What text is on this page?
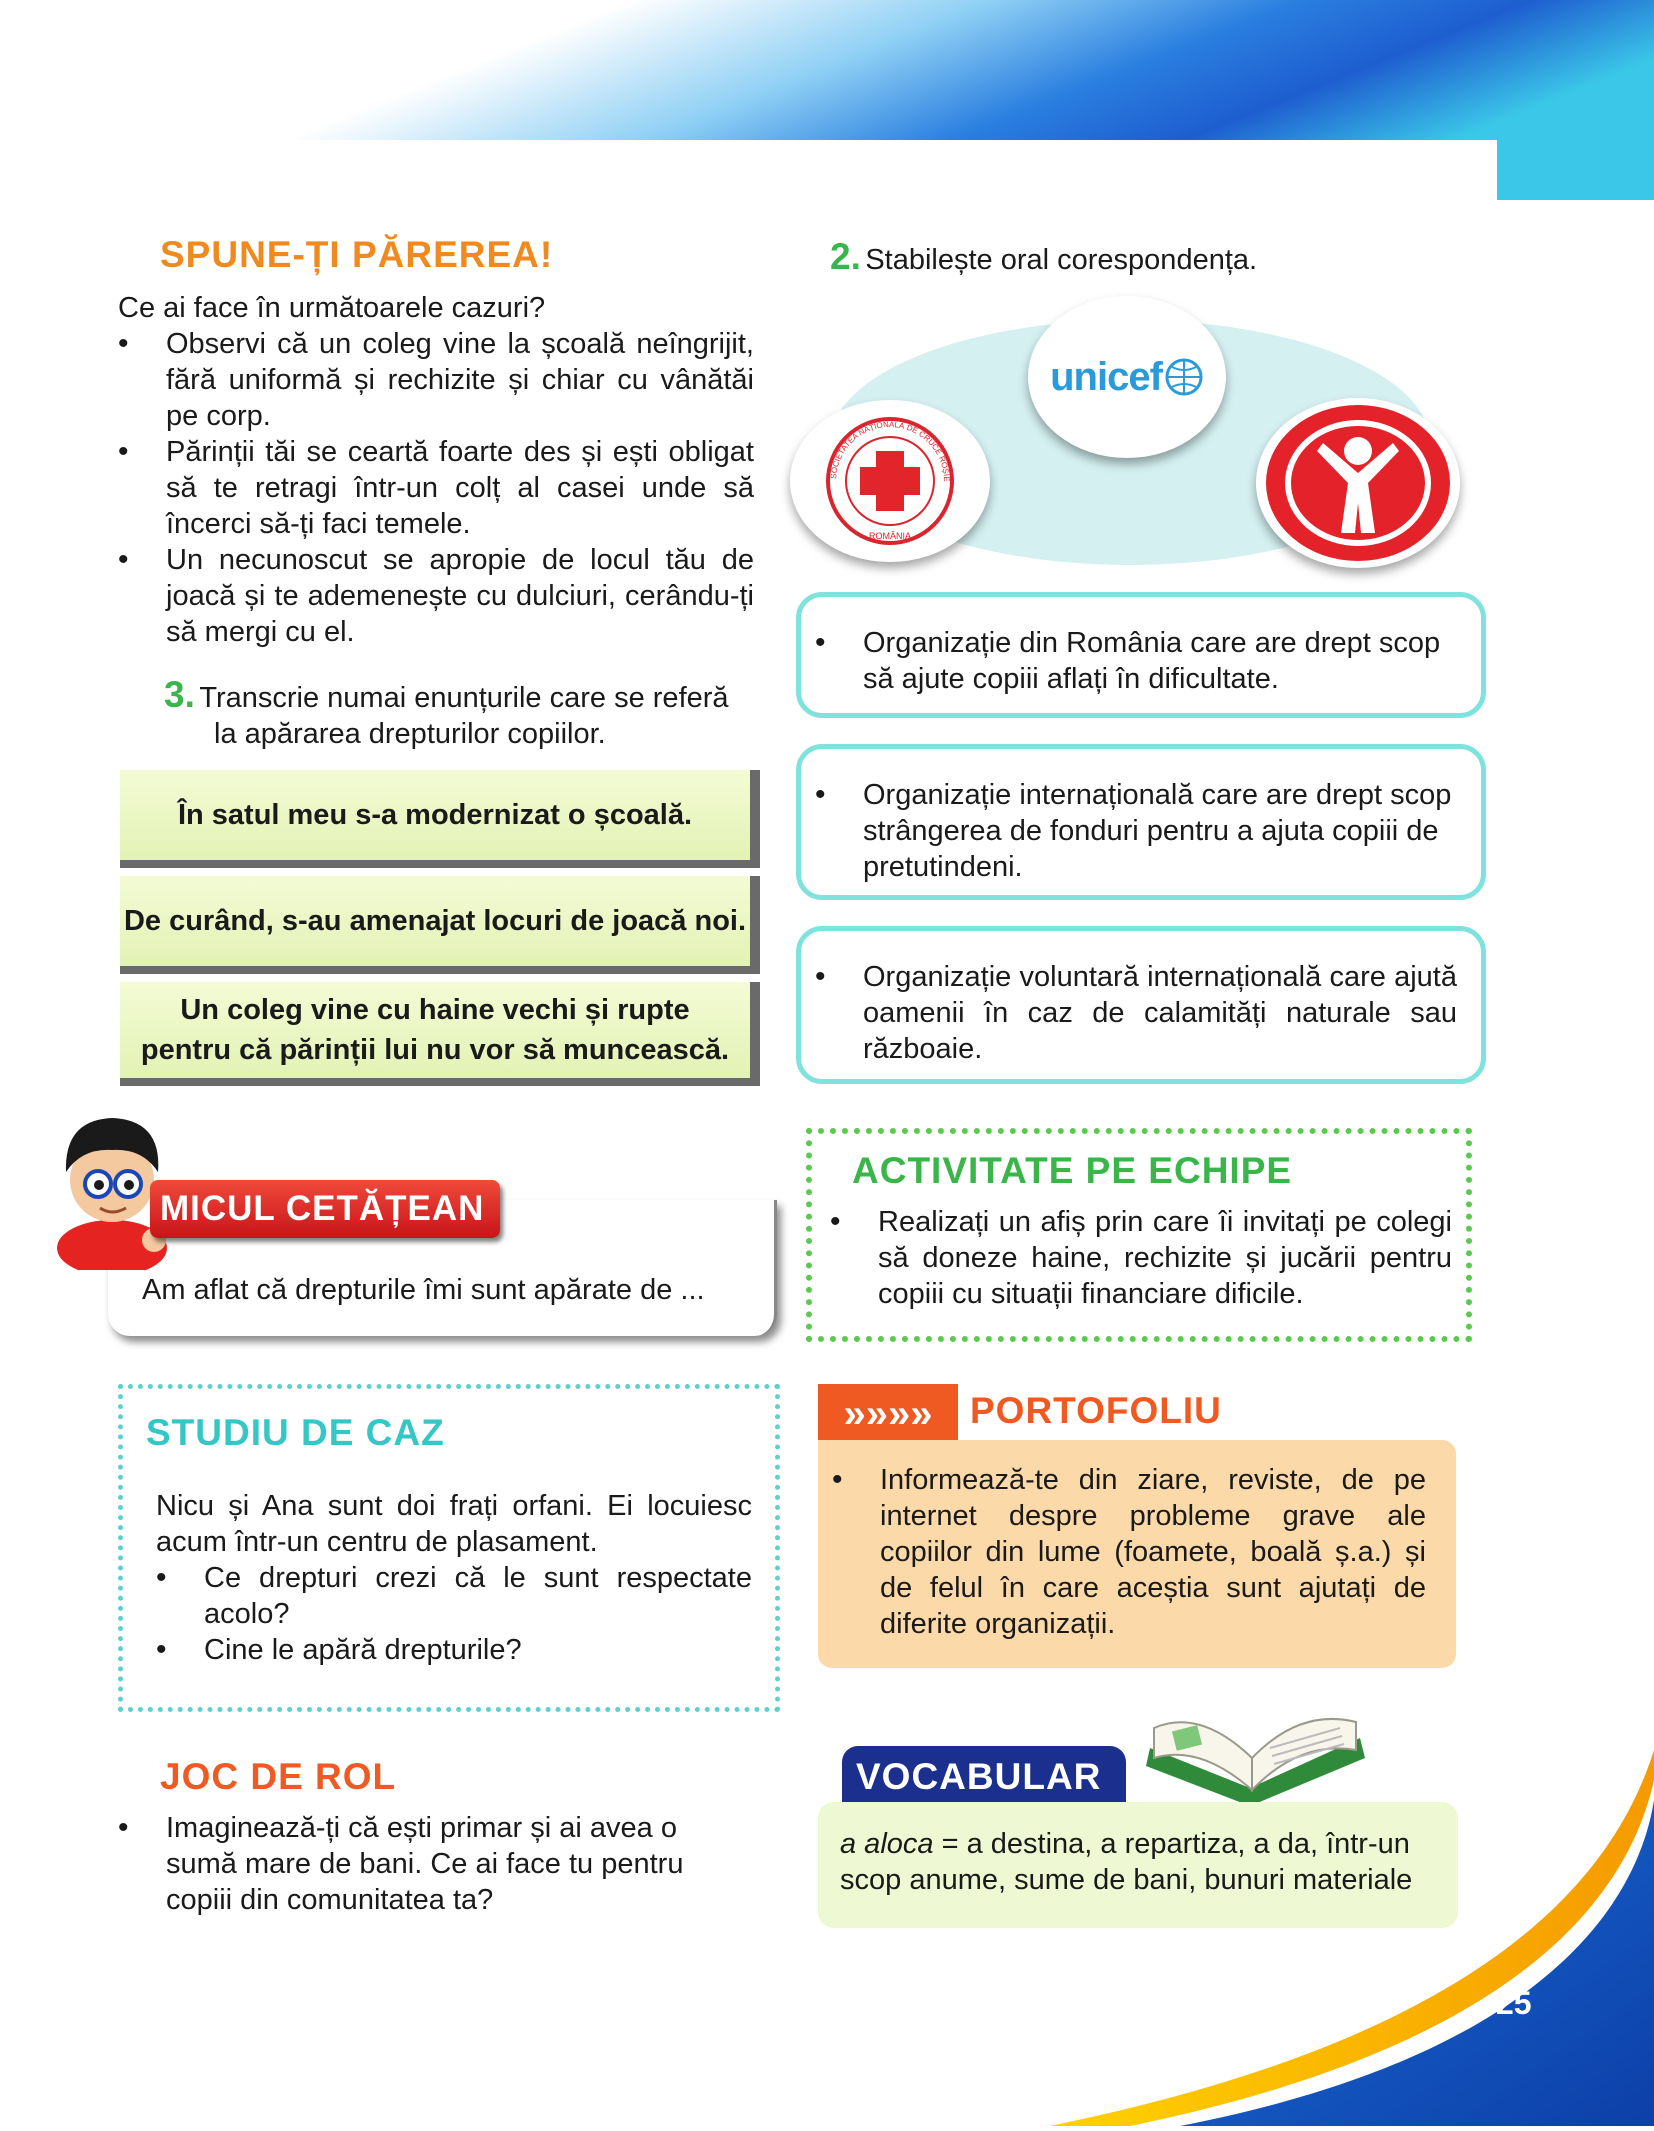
25
SPUNE-ȚI PĂREREA!
Ce ai face în următoarele cazuri?
• Observi că un coleg vine la școală neîngrijit, fără uniformă și rechizite și chiar cu vânătăi pe corp.
• Părinții tăi se ceartă foarte des și ești obligat să te retragi într-un colț al casei unde să încerci să-ți faci temele.
• Un necunoscut se apropie de locul tău de joacă și te ademenește cu dulciuri, cerându-ți să mergi cu el.
3. Transcrie numai enunțurile care se referă
la apărarea drepturilor copiilor.
În satul meu s-a modernizat o școală.
De curând, s-au amenajat locuri de joacă noi.
Un coleg vine cu haine vechi și rupte pentru că părinții lui nu vor să muncească.
MICUL CETĂȚEAN
Am aflat că drepturile îmi sunt apărate de ...
STUDIU DE CAZ
Nicu și Ana sunt doi frați orfani. Ei locuiesc acum într-un centru de plasament.
• Ce drepturi crezi că le sunt respectate acolo?
• Cine le apără drepturile?
JOC DE ROL
• Imaginează-ți că ești primar și ai avea o sumă mare de bani. Ce ai face tu pentru copiii din comunitatea ta?
2. Stabilește oral corespondența.
unicef
ROMÂNIA
SOCIETATEA NAȚIONALĂ DE CRUCE ROȘIE
• Organizație din România care are drept scop să ajute copiii aflați în dificultate.
• Organizație internațională care are drept scop strângerea de fonduri pentru a ajuta copiii de pretutindeni.
• Organizație voluntară internațională care ajută oamenii în caz de calamități naturale sau războaie.
ACTIVITATE PE ECHIPE
• Realizați un afiș prin care îi invitați pe colegi să doneze haine, rechizite și jucării pentru copiii cu situații financiare dificile.
»»»»	PORTOFOLIU
• Informează-te din ziare, reviste, de pe internet despre probleme grave ale copiilor din lume (foamete, boală ș.a.) și de felul în care aceștia sunt ajutați de diferite organizații.
VOCABULAR
a aloca = a destina, a repartiza, a da, într-un scop anume, sume de bani, bunuri materiale
